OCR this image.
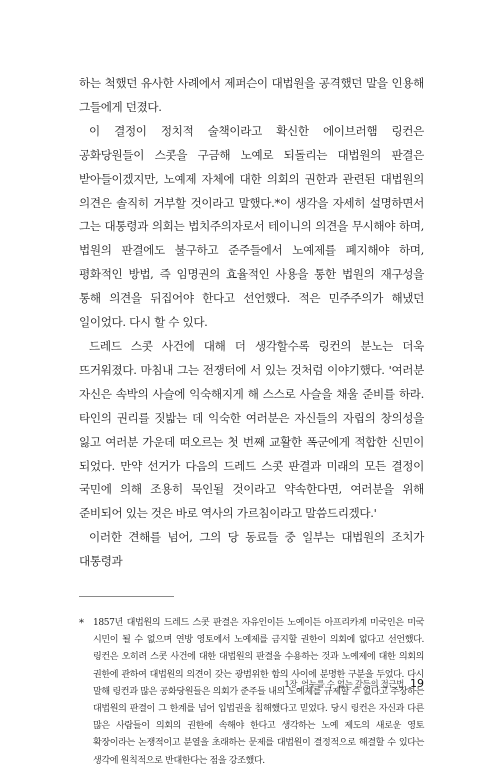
하는 척했던 유사한 사례에서 제퍼슨이 대법원을 공격했던 말을 인용해 그들에게 던졌다.

이 결정이 정치적 술책이라고 확신한 에이브러햄 링컨은 공화당원들이 스콧을 구금해 노예로 되돌리는 대법원의 판결은 받아들이겠지만, 노예제 자체에 대한 의회의 권한과 관련된 대법원의 의견은 솔직히 거부할 것이라고 말했다.*이 생각을 자세히 설명하면서 그는 대통령과 의회는 법치주의자로서 테이니의 의견을 무시해야 하며, 법원의 판결에도 불구하고 준주들에서 노예제를 폐지해야 하며, 평화적인 방법, 즉 임명권의 효율적인 사용을 통한 법원의 재구성을 통해 의견을 뒤집어야 한다고 선언했다. 적은 민주주의가 해냈던 일이었다. 다시 할 수 있다.

드레드 스콧 사건에 대해 더 생각할수록 링컨의 분노는 더욱 뜨거워졌다. 마침내 그는 전쟁터에 서 있는 것처럼 이야기했다. '여러분 자신은 속박의 사슬에 익숙해지게 해 스스로 사슬을 채울 준비를 하라. 타인의 권리를 짓밟는 데 익숙한 여러분은 자신들의 자립의 창의성을 잃고 여러분 가운데 떠오르는 첫 번째 교활한 폭군에게 적합한 신민이 되었다. 만약 선거가 다음의 드레드 스콧 판결과 미래의 모든 결정이 국민에 의해 조용히 묵인될 것이라고 약속한다면, 여러분을 위해 준비되어 있는 것은 바로 역사의 가르침이라고 말씀드리겠다.'

이러한 견해를 넘어, 그의 당 동료들 중 일부는 대법원의 조치가 대통령과

*	1857년 대법원의 드레드 스콧 판결은 자유인이든 노예이든 아프리카계 미국인은 미국 시민이 될 수 없으며 연방 영토에서 노예제를 금지할 권한이 의회에 없다고 선언했다. 링컨은 오히려 스콧 사건에 대한 대법원의 판결을 수용하는 것과 노예제에 대한 의회의 권한에 관하여 대법원의 의견이 갖는 광범위한 함의 사이에 분명한 구분을 두었다. 다시 말해 링컨과 많은 공화당원들은 의회가 준주들 내의 노예제를 규제할 수 없다고 주장하는 대법원의 판결이 그 한계를 넘어 입법권을 침해했다고 믿었다. 당시 링컨은 자신과 다른 많은 사람들이 의회의 권한에 속해야 한다고 생각하는 노예 제도의 새로운 영토 확장이라는 논쟁적이고 분열을 초래하는 문제를 대법원이 결정적으로 해결할 수 있다는 생각에 원칙적으로 반대한다는 점을 강조했다.
1장_억누를 수 없는 갈등의 접근법 19
